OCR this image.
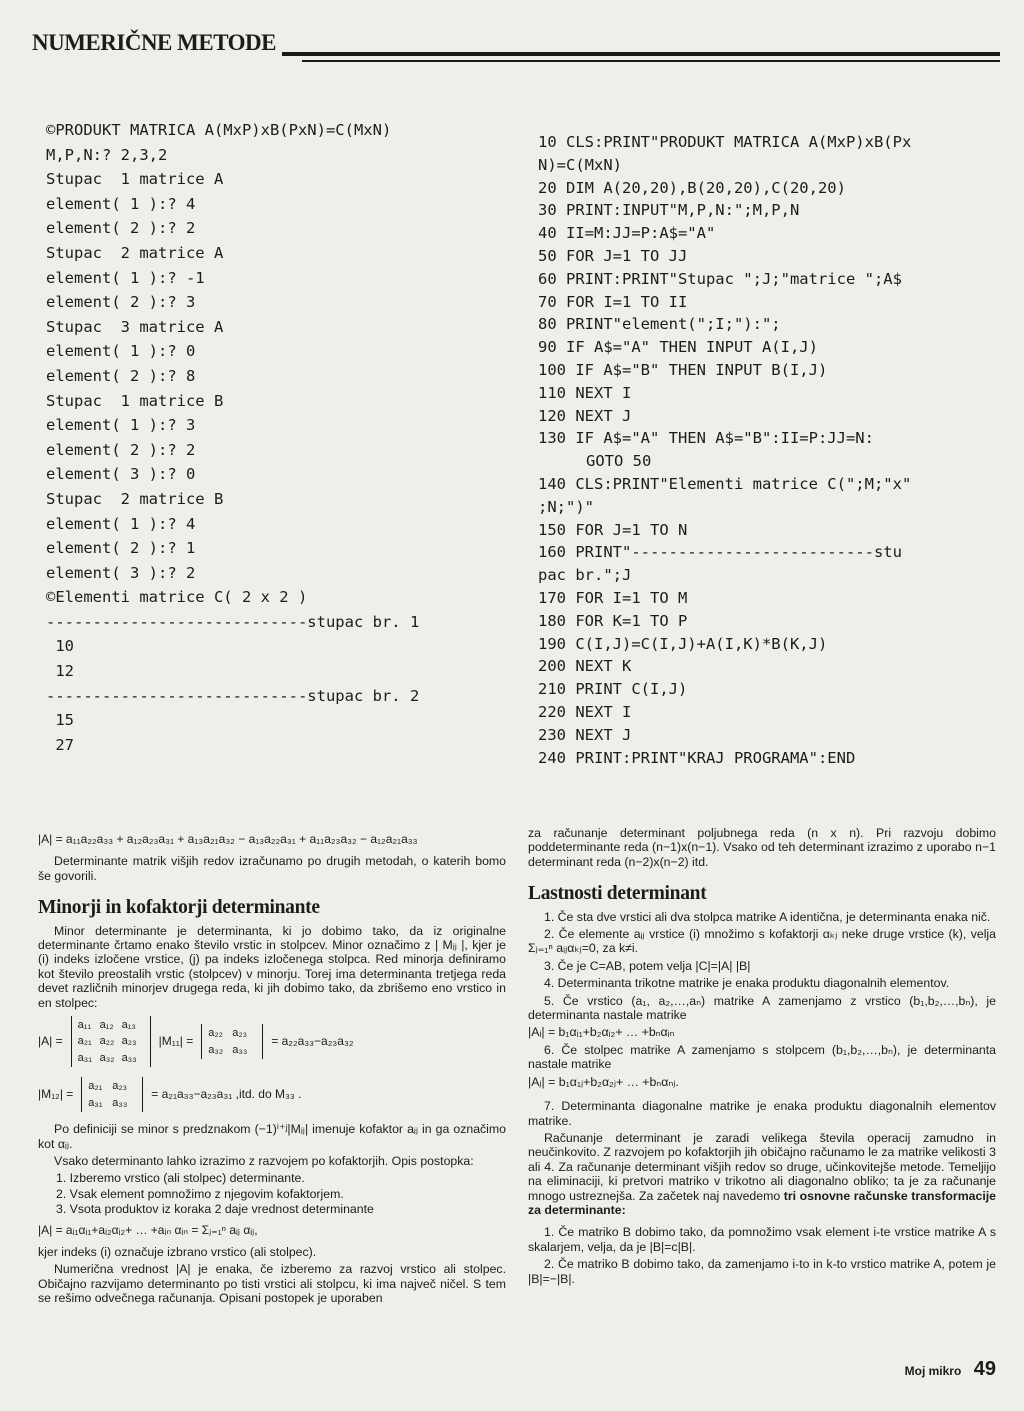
NUMERIČNE METODE
©PRODUKT MATRICA A(MxP)xB(PxN)=C(MxN)
M,P,N:? 2,3,2
Stupac  1 matrice A
element( 1 ):? 4
element( 2 ):? 2
Stupac  2 matrice A
element( 1 ):? -1
element( 2 ):? 3
Stupac  3 matrice A
element( 1 ):? 0
element( 2 ):? 8
Stupac  1 matrice B
element( 1 ):? 3
element( 2 ):? 2
element( 3 ):? 0
Stupac  2 matrice B
element( 1 ):? 4
element( 2 ):? 1
element( 3 ):? 2
©Elementi matrice C( 2 x 2 )
----------------------------stupac br. 1
10
12
----------------------------stupac br. 2
15
27
10 CLS:PRINT"PRODUKT MATRICA A(MxP)xB(Px
N)=C(MxN)
20 DIM A(20,20),B(20,20),C(20,20)
30 PRINT:INPUT"M,P,N:";M,P,N
40 II=M:JJ=P:A$="A"
50 FOR J=1 TO JJ
60 PRINT:PRINT"Stupac ";J;"matrice ";A$
70 FOR I=1 TO II
80 PRINT"element(";I;"):";
90 IF A$="A" THEN INPUT A(I,J)
100 IF A$="B" THEN INPUT B(I,J)
110 NEXT I
120 NEXT J
130 IF A$="A" THEN A$="B":II=P:JJ=N:
GOTO 50
140 CLS:PRINT"Elementi matrice C(";M;"x"
;N;")"
150 FOR J=1 TO N
160 PRINT"--------------------------stu
pac br.";J
170 FOR I=1 TO M
180 FOR K=1 TO P
190 C(I,J)=C(I,J)+A(I,K)*B(K,J)
200 NEXT K
210 PRINT C(I,J)
220 NEXT I
230 NEXT J
240 PRINT:PRINT"KRAJ PROGRAMA":END

|A| = a₁₁a₂₂a₃₃ + a₁₂a₂₃a₃₁ + a₁₃a₂₁a₃₂ − a₁₃a₂₂a₃₁ + a₁₁a₂₃a₃₂ − a₁₂a₂₁a₃₃

Determinante matrik višjih redov izračunamo po drugih metodah, o katerih bomo še govorili.

Minorji in kofaktorji determinante

Minor determinante je determinanta, ki jo dobimo tako, da iz originalne determinante črtamo enako število vrstic in stolpcev. Minor označimo z | Mᵢⱼ |, kjer je (i) indeks izločene vrstice, (j) pa indeks izločenega stolpca. Red minorja definiramo kot število preostalih vrstic (stolpcev) v minorju. Torej ima determinanta tretjega reda devet različnih minorjev drugega reda, ki jih dobimo tako, da zbrišemo eno vrstico in en stolpec:

|A| =
a₁₁ a₁₂ a₁₃
a₂₁ a₂₂ a₂₃
a₃₁ a₃₂ a₃₃
|M₁₁| =
a₂₂ a₂₃
a₃₂ a₃₃
= a₂₂a₃₃−a₂₃a₃₂
|M₁₂| =
a₂₁ a₂₃
a₃₁ a₃₃
= a₂₁a₃₃−a₂₃a₃₁ ,itd. do M₃₃ .

Po definiciji se minor s predznakom (−1)ⁱ⁺ʲ|Mᵢⱼ| imenuje kofaktor aᵢⱼ in ga označimo kot αᵢⱼ.

Vsako determinanto lahko izrazimo z razvojem po kofaktorjih. Opis postopka:

1. Izberemo vrstico (ali stolpec) determinante.

2. Vsak element pomnožimo z njegovim kofaktorjem.

3. Vsota produktov iz koraka 2 daje vrednost determinante

|A| = aᵢ₁αᵢ₁+aᵢ₂αᵢ₂+ … +aᵢₙ αᵢₙ = Σⱼ₌₁ⁿ aᵢⱼ αᵢⱼ,

kjer indeks (i) označuje izbrano vrstico (ali stolpec).

Numerična vrednost |A| je enaka, če izberemo za razvoj vrstico ali stolpec. Običajno razvijamo determinanto po tisti vrstici ali stolpcu, ki ima največ ničel. S tem se rešimo odvečnega računanja. Opisani postopek je uporaben

za računanje determinant poljubnega reda (n x n). Pri razvoju dobimo poddeterminante reda (n−1)x(n−1). Vsako od teh determinant izrazimo z uporabo n−1 determinant reda (n−2)x(n−2) itd.

Lastnosti determinant

1. Če sta dve vrstici ali dva stolpca matrike A identična, je determinanta enaka nič.

2. Če elemente aᵢⱼ vrstice (i) množimo s kofaktorji αₖⱼ neke druge vrstice (k), velja Σⱼ₌₁ⁿ aᵢⱼαₖⱼ=0, za k≠i.

3. Če je C=AB, potem velja |C|=|A| |B|

4. Determinanta trikotne matrike je enaka produktu diagonalnih elementov.

5. Če vrstico (a₁, a₂,…,aₙ) matrike A zamenjamo z vrstico (b₁,b₂,…,bₙ), je determinanta nastale matrike

|Aᵢ| = b₁αᵢ₁+b₂αᵢ₂+ … +bₙαᵢₙ

6. Če stolpec matrike A zamenjamo s stolpcem (b₁,b₂,…,bₙ), je determinanta nastale matrike

|Aⱼ| = b₁α₁ⱼ+b₂α₂ⱼ+ … +bₙαₙⱼ.

7. Determinanta diagonalne matrike je enaka produktu diagonalnih elementov matrike.

Računanje determinant je zaradi velikega števila operacij zamudno in neučinkovito. Z razvojem po kofaktorjih jih običajno računamo le za matrike velikosti 3 ali 4. Za računanje determinant višjih redov so druge, učinkovitejše metode. Temeljijo na eliminaciji, ki pretvori matriko v trikotno ali diagonalno obliko; ta je za računanje mnogo ustreznejša. Za začetek naj navedemo tri osnovne računske transformacije za determinante:

1. Če matriko B dobimo tako, da pomnožimo vsak element i-te vrstice matrike A s skalarjem, velja, da je |B|=c|B|.

2. Če matriko B dobimo tako, da zamenjamo i-to in k-to vrstico matrike A, potem je |B|=−|B|.

Moj mikro 49
